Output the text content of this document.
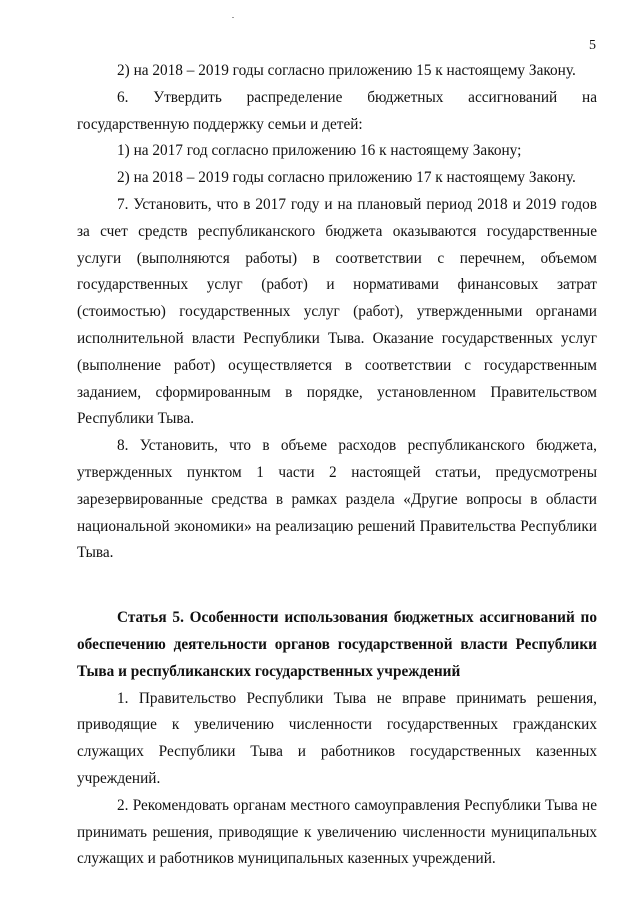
5

2) на 2018 – 2019 годы согласно приложению 15 к настоящему Закону.

6. Утвердить распределение бюджетных ассигнований на государственную поддержку семьи и детей:

1) на 2017 год согласно приложению 16 к настоящему Закону;

2) на 2018 – 2019 годы согласно приложению 17 к настоящему Закону.

7. Установить, что в 2017 году и на плановый период 2018 и 2019 годов за счет средств республиканского бюджета оказываются государственные услуги (выполняются работы) в соответствии с перечнем, объемом государственных услуг (работ) и нормативами финансовых затрат (стоимостью) государственных услуг (работ), утвержденными органами исполнительной власти Республики Тыва. Оказание государственных услуг (выполнение работ) осуществляется в соответствии с государственным заданием, сформированным в порядке, установленном Правительством Республики Тыва.

8. Установить, что в объеме расходов республиканского бюджета, утвержденных пунктом 1 части 2 настоящей статьи, предусмотрены зарезервированные средства в рамках раздела «Другие вопросы в области национальной экономики» на реализацию решений Правительства Республики Тыва.

Статья 5. Особенности использования бюджетных ассигнований по обеспечению деятельности органов государственной власти Республики Тыва и республиканских государственных учреждений

1. Правительство Республики Тыва не вправе принимать решения, приводящие к увеличению численности государственных гражданских служащих Республики Тыва и работников государственных казенных учреждений.

2. Рекомендовать органам местного самоуправления Республики Тыва не принимать решения, приводящие к увеличению численности муниципальных служащих и работников муниципальных казенных учреждений.
